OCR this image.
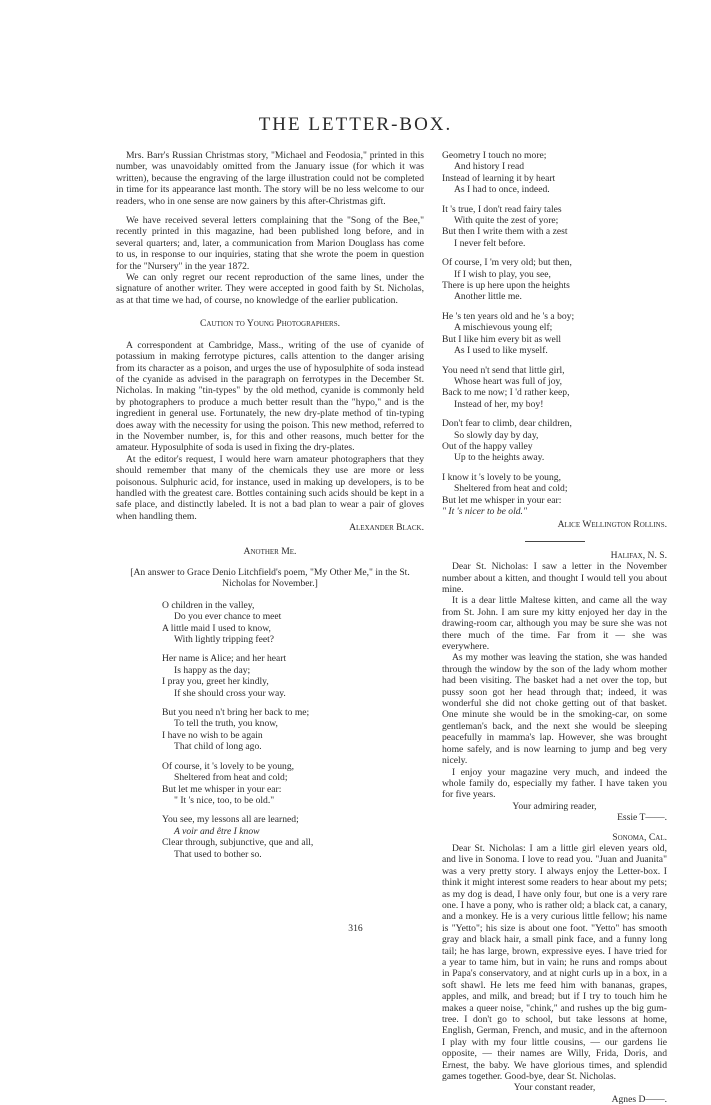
THE LETTER-BOX.

Mrs. Barr's Russian Christmas story, "Michael and Feodosia," printed in this number, was unavoidably omitted from the January issue (for which it was written), because the engraving of the large illustration could not be completed in time for its appearance last month. The story will be no less welcome to our readers, who in one sense are now gainers by this after-Christmas gift.

We have received several letters complaining that the "Song of the Bee," recently printed in this magazine, had been published long before, and in several quarters; and, later, a communication from Marion Douglass has come to us, in response to our inquiries, stating that she wrote the poem in question for the "Nursery" in the year 1872.

We can only regret our recent reproduction of the same lines, under the signature of another writer. They were accepted in good faith by St. Nicholas, as at that time we had, of course, no knowledge of the earlier publication.

Caution to Young Photographers.

A correspondent at Cambridge, Mass., writing of the use of cyanide of potassium in making ferrotype pictures, calls attention to the danger arising from its character as a poison, and urges the use of hyposulphite of soda instead of the cyanide as advised in the paragraph on ferrotypes in the December St. Nicholas. In making "tin-types" by the old method, cyanide is commonly held by photographers to produce a much better result than the "hypo," and is the ingredient in general use. Fortunately, the new dry-plate method of tin-typing does away with the necessity for using the poison. This new method, referred to in the November number, is, for this and other reasons, much better for the amateur. Hyposulphite of soda is used in fixing the dry-plates.

At the editor's request, I would here warn amateur photographers that they should remember that many of the chemicals they use are more or less poisonous. Sulphuric acid, for instance, used in making up developers, is to be handled with the greatest care. Bottles containing such acids should be kept in a safe place, and distinctly labeled. It is not a bad plan to wear a pair of gloves when handling them.

Alexander Black.

Another Me.

[An answer to Grace Denio Litchfield's poem, "My Other Me," in the St. Nicholas for November.]

O children in the valley,
Do you ever chance to meet
A little maid I used to know,
With lightly tripping feet?
Her name is Alice; and her heart
Is happy as the day;
I pray you, greet her kindly,
If she should cross your way.
But you need n't bring her back to me;
To tell the truth, you know,
I have no wish to be again
That child of long ago.
Of course, it 's lovely to be young,
Sheltered from heat and cold;
But let me whisper in your ear:
" It 's nice, too, to be old."
You see, my lessons all are learned;
A voir and être I know
Clear through, subjunctive, que and all,
That used to bother so.
Geometry I touch no more;
And history I read
Instead of learning it by heart
As I had to once, indeed.
It 's true, I don't read fairy tales
With quite the zest of yore;
But then I write them with a zest
I never felt before.
Of course, I 'm very old; but then,
If I wish to play, you see,
There is up here upon the heights
Another little me.
He 's ten years old and he 's a boy;
A mischievous young elf;
But I like him every bit as well
As I used to like myself.
You need n't send that little girl,
Whose heart was full of joy,
Back to me now; I 'd rather keep,
Instead of her, my boy!
Don't fear to climb, dear children,
So slowly day by day,
Out of the happy valley
Up to the heights away.
I know it 's lovely to be young,
Sheltered from heat and cold;
But let me whisper in your ear:
" It 's nicer to be old."

Alice Wellington Rollins.

Halifax, N. S.

Dear St. Nicholas: I saw a letter in the November number about a kitten, and thought I would tell you about mine.

It is a dear little Maltese kitten, and came all the way from St. John. I am sure my kitty enjoyed her day in the drawing-room car, although you may be sure she was not there much of the time. Far from it — she was everywhere.

As my mother was leaving the station, she was handed through the window by the son of the lady whom mother had been visiting. The basket had a net over the top, but pussy soon got her head through that; indeed, it was wonderful she did not choke getting out of that basket. One minute she would be in the smoking-car, on some gentleman's back, and the next she would be sleeping peacefully in mamma's lap. However, she was brought home safely, and is now learning to jump and beg very nicely.

I enjoy your magazine very much, and indeed the whole family do, especially my father. I have taken you for five years.

Your admiring reader,

Essie T——.

Sonoma, Cal.

Dear St. Nicholas: I am a little girl eleven years old, and live in Sonoma. I love to read you. "Juan and Juanita" was a very pretty story. I always enjoy the Letter-box. I think it might interest some readers to hear about my pets; as my dog is dead, I have only four, but one is a very rare one. I have a pony, who is rather old; a black cat, a canary, and a monkey. He is a very curious little fellow; his name is "Yetto"; his size is about one foot. "Yetto" has smooth gray and black hair, a small pink face, and a funny long tail; he has large, brown, expressive eyes. I have tried for a year to tame him, but in vain; he runs and romps about in Papa's conservatory, and at night curls up in a box, in a soft shawl. He lets me feed him with bananas, grapes, apples, and milk, and bread; but if I try to touch him he makes a queer noise, "chink," and rushes up the big gum-tree. I don't go to school, but take lessons at home, English, German, French, and music, and in the afternoon I play with my four little cousins, — our gardens lie opposite, — their names are Willy, Frida, Doris, and Ernest, the baby. We have glorious times, and splendid games together. Good-bye, dear St. Nicholas.

Your constant reader,

Agnes D——.

316
